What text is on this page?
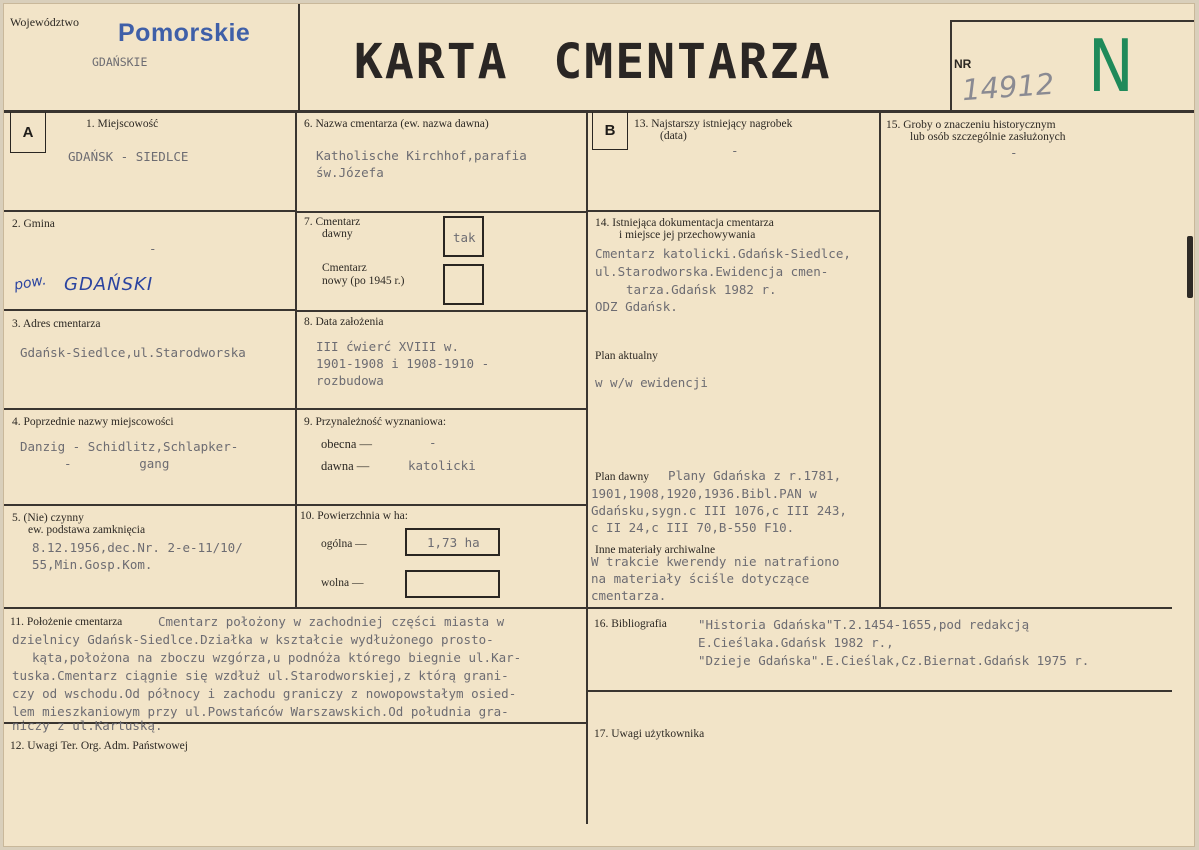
Województwo Pomorskie
GDAŃSKIE	KARTA CMENTARZA	NR
14912 N
A	B
1. Miejscowość
GDAŃSK - SIEDLCE
2. Gmina
-
pow. GDAŃSKI
3. Adres cmentarza
Gdańsk-Siedlce,ul.Starodworska
4. Poprzednie nazwy miejscowości
Danzig - Schidlitz,Schlapker-
-         gang
5. (Nie) czynny
ew. podstawa zamknięcia
8.12.1956,dec.Nr. 2-e-11/10/
55,Min.Gosp.Kom.
6. Nazwa cmentarza (ew. nazwa dawna)
Katholische Kirchhof,parafia
św.Józefa
7. Cmentarz
dawny	tak
Cmentarz
nowy (po 1945 r.)
8. Data założenia
III ćwierć XVIII w.
1901-1908 i 1908-1910 -
rozbudowa
9. Przynależność wyznaniowa:
obecna —	-
dawna —	katolicki
10. Powierzchnia w ha:
ogólna —	1,73 ha
wolna —
13. Najstarszy istniejący nagrobek
(data)
-
14. Istniejąca dokumentacja cmentarza
i miejsce jej przechowywania
Cmentarz katolicki.Gdańsk-Siedlce,
ul.Starodworska.Ewidencja cmen-
tarza.Gdańsk 1982 r.
ODZ Gdańsk.
Plan aktualny
w w/w ewidencji
Plan dawny Plany Gdańska z r.1781,
1901,1908,1920,1936.Bibl.PAN w
Gdańsku,sygn.c III 1076,c III 243,
c II 24,c III 70,B-550 F10.
Inne materiały archiwalne
W trakcie kwerendy nie natrafiono
na materiały ściśle dotyczące
cmentarza.
15. Groby o znaczeniu historycznym
lub osób szczególnie zasłużonych
-
11. Położenie cmentarza	Cmentarz położony w zachodniej części miasta w
dzielnicy Gdańsk-Siedlce.Działka w kształcie wydłużonego prosto-
kąta,położona na zboczu wzgórza,u podnóża którego biegnie ul.Kar-
tuska.Cmentarz ciągnie się wzdłuż ul.Starodworskiej,z którą grani-
czy od wschodu.Od północy i zachodu graniczy z nowopowstałym osied-
lem mieszkaniowym przy ul.Powstańców Warszawskich.Od południa gra-
niczy z ul.Kartuską.
12. Uwagi Ter. Org. Adm. Państwowej
16. Bibliografia "Historia Gdańska"T.2.1454-1655,pod redakcją
E.Cieślaka.Gdańsk 1982 r.,
"Dzieje Gdańska".E.Cieślak,Cz.Biernat.Gdańsk 1975 r.
17. Uwagi użytkownika
